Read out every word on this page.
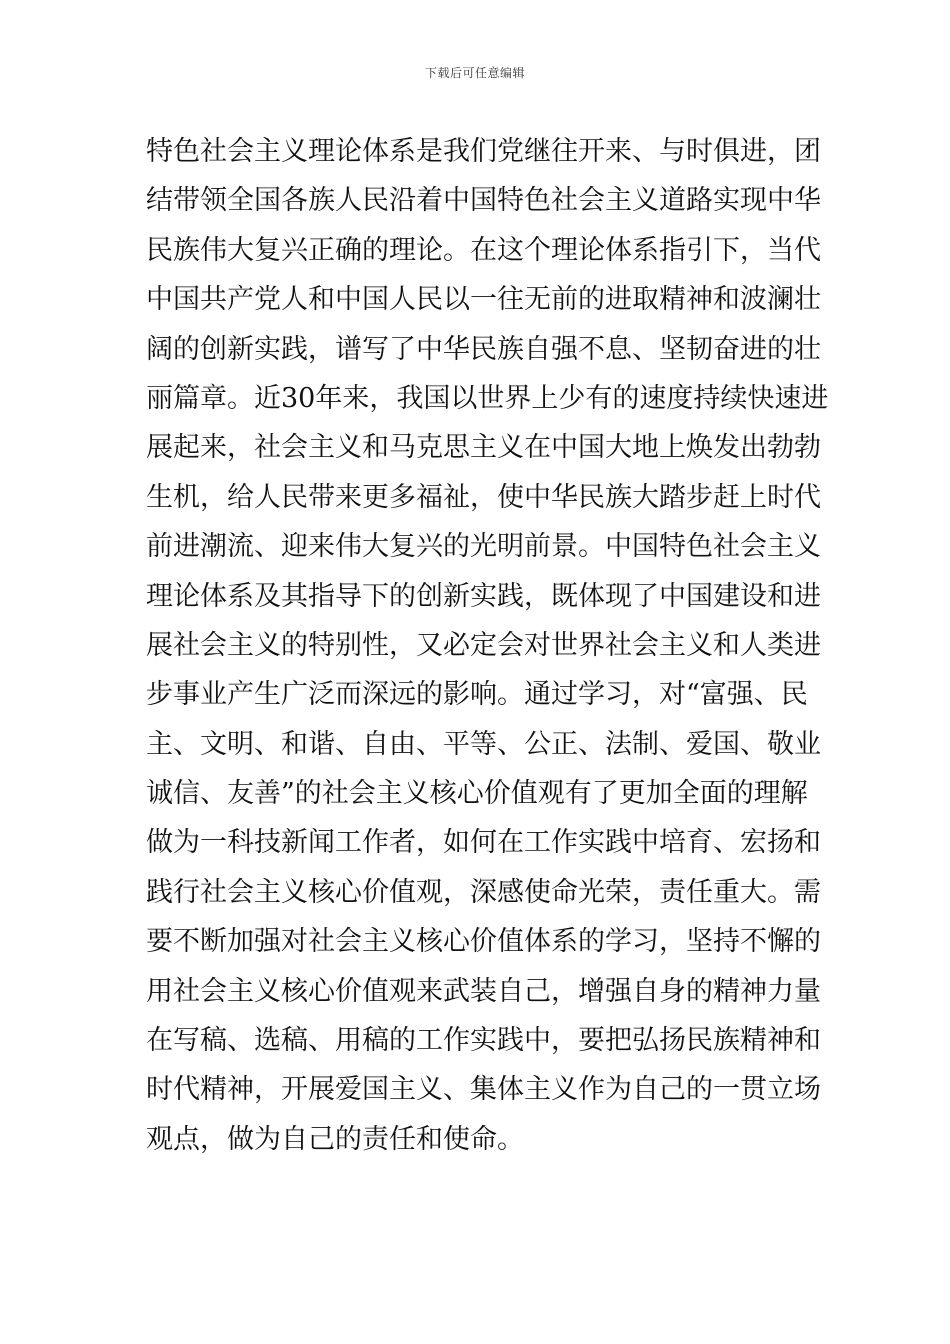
下载后可任意编辑
特色社会主义理论体系是我们党继往开来、与时俱进，团
结带领全国各族人民沿着中国特色社会主义道路实现中华
民族伟大复兴正确的理论。在这个理论体系指引下，当代
中国共产党人和中国人民以一往无前的进取精神和波澜壮
阔的创新实践，谱写了中华民族自强不息、坚韧奋进的壮
丽篇章。近30年来，我国以世界上少有的速度持续快速进
展起来，社会主义和马克思主义在中国大地上焕发出勃勃
生机，给人民带来更多福祉，使中华民族大踏步赶上时代
前进潮流、迎来伟大复兴的光明前景。中国特色社会主义
理论体系及其指导下的创新实践，既体现了中国建设和进
展社会主义的特别性，又必定会对世界社会主义和人类进
步事业产生广泛而深远的影响。通过学习，对“富强、民
主、文明、和谐、自由、平等、公正、法制、爱国、敬业
诚信、友善”的社会主义核心价值观有了更加全面的理解
做为一科技新闻工作者，如何在工作实践中培育、宏扬和
践行社会主义核心价值观，深感使命光荣，责任重大。需
要不断加强对社会主义核心价值体系的学习，坚持不懈的
用社会主义核心价值观来武装自己，增强自身的精神力量
在写稿、选稿、用稿的工作实践中，要把弘扬民族精神和
时代精神，开展爱国主义、集体主义作为自己的一贯立场
观点，做为自己的责任和使命。
